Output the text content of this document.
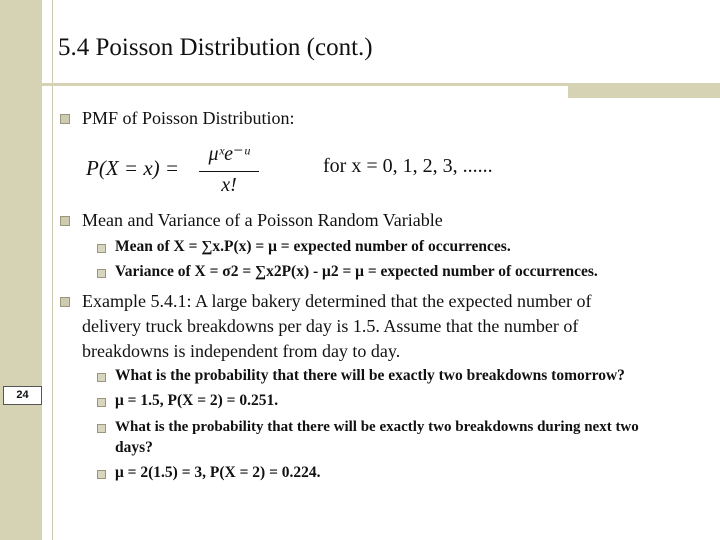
5.4 Poisson Distribution (cont.)
24
PMF of Poisson Distribution:
P(X = x) =
μˣe⁻ᵘ
x!
for x = 0, 1, 2, 3, ......
Mean and Variance of a Poisson Random Variable
Mean of X = ∑x.P(x) = μ = expected number of occurrences.
Variance of X = σ2 = ∑x2P(x) - μ2 = μ = expected number of occurrences.
Example 5.4.1: A large bakery determined that the expected number of
delivery truck breakdowns per day is 1.5. Assume that the number of
breakdowns is independent from day to day.
What is the probability that there will be exactly two breakdowns tomorrow?
μ = 1.5, P(X = 2) = 0.251.
What is the probability that there will be exactly two breakdowns during next two
days?
μ = 2(1.5) = 3, P(X = 2) = 0.224.
